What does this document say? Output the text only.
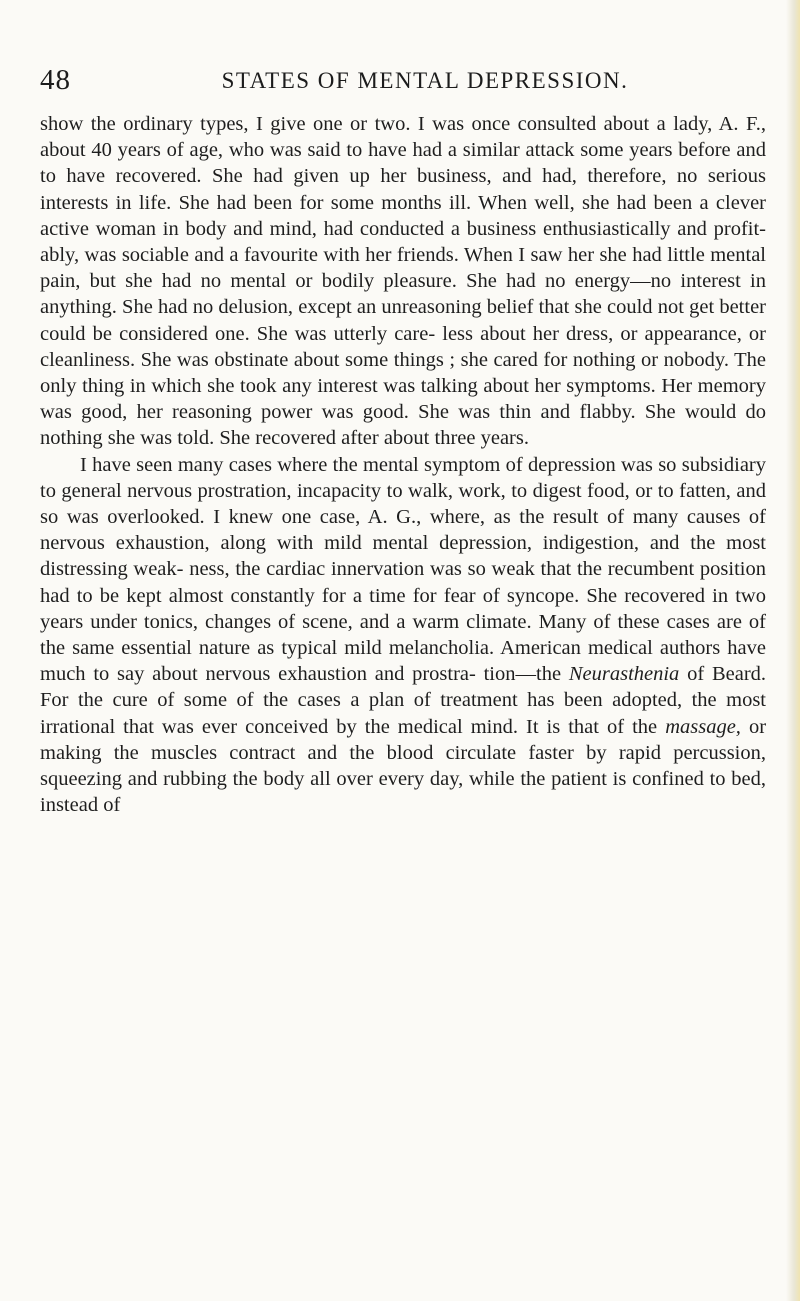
48	STATES OF MENTAL DEPRESSION.

show the ordinary types, I give one or two. I was once consulted about a lady, A. F., about 40 years of age, who was said to have had a similar attack some years before and to have recovered. She had given up her business, and had, therefore, no serious interests in life. She had been for some months ill. When well, she had been a clever active woman in body and mind, had conducted a business enthusiastically and profit- ably, was sociable and a favourite with her friends. When I saw her she had little mental pain, but she had no mental or bodily pleasure. She had no energy—no interest in anything. She had no delusion, except an unreasoning belief that she could not get better could be considered one. She was utterly care- less about her dress, or appearance, or cleanliness. She was obstinate about some things ; she cared for nothing or nobody. The only thing in which she took any interest was talking about her symptoms. Her memory was good, her reasoning power was good. She was thin and flabby. She would do nothing she was told. She recovered after about three years.

I have seen many cases where the mental symptom of depression was so subsidiary to general nervous prostration, incapacity to walk, work, to digest food, or to fatten, and so was overlooked. I knew one case, A. G., where, as the result of many causes of nervous exhaustion, along with mild mental depression, indigestion, and the most distressing weak- ness, the cardiac innervation was so weak that the recumbent position had to be kept almost constantly for a time for fear of syncope. She recovered in two years under tonics, changes of scene, and a warm climate. Many of these cases are of the same essential nature as typical mild melancholia. American medical authors have much to say about nervous exhaustion and prostra- tion—the Neurasthenia of Beard. For the cure of some of the cases a plan of treatment has been adopted, the most irrational that was ever conceived by the medical mind. It is that of the massage, or making the muscles contract and the blood circulate faster by rapid percussion, squeezing and rubbing the body all over every day, while the patient is confined to bed, instead of
